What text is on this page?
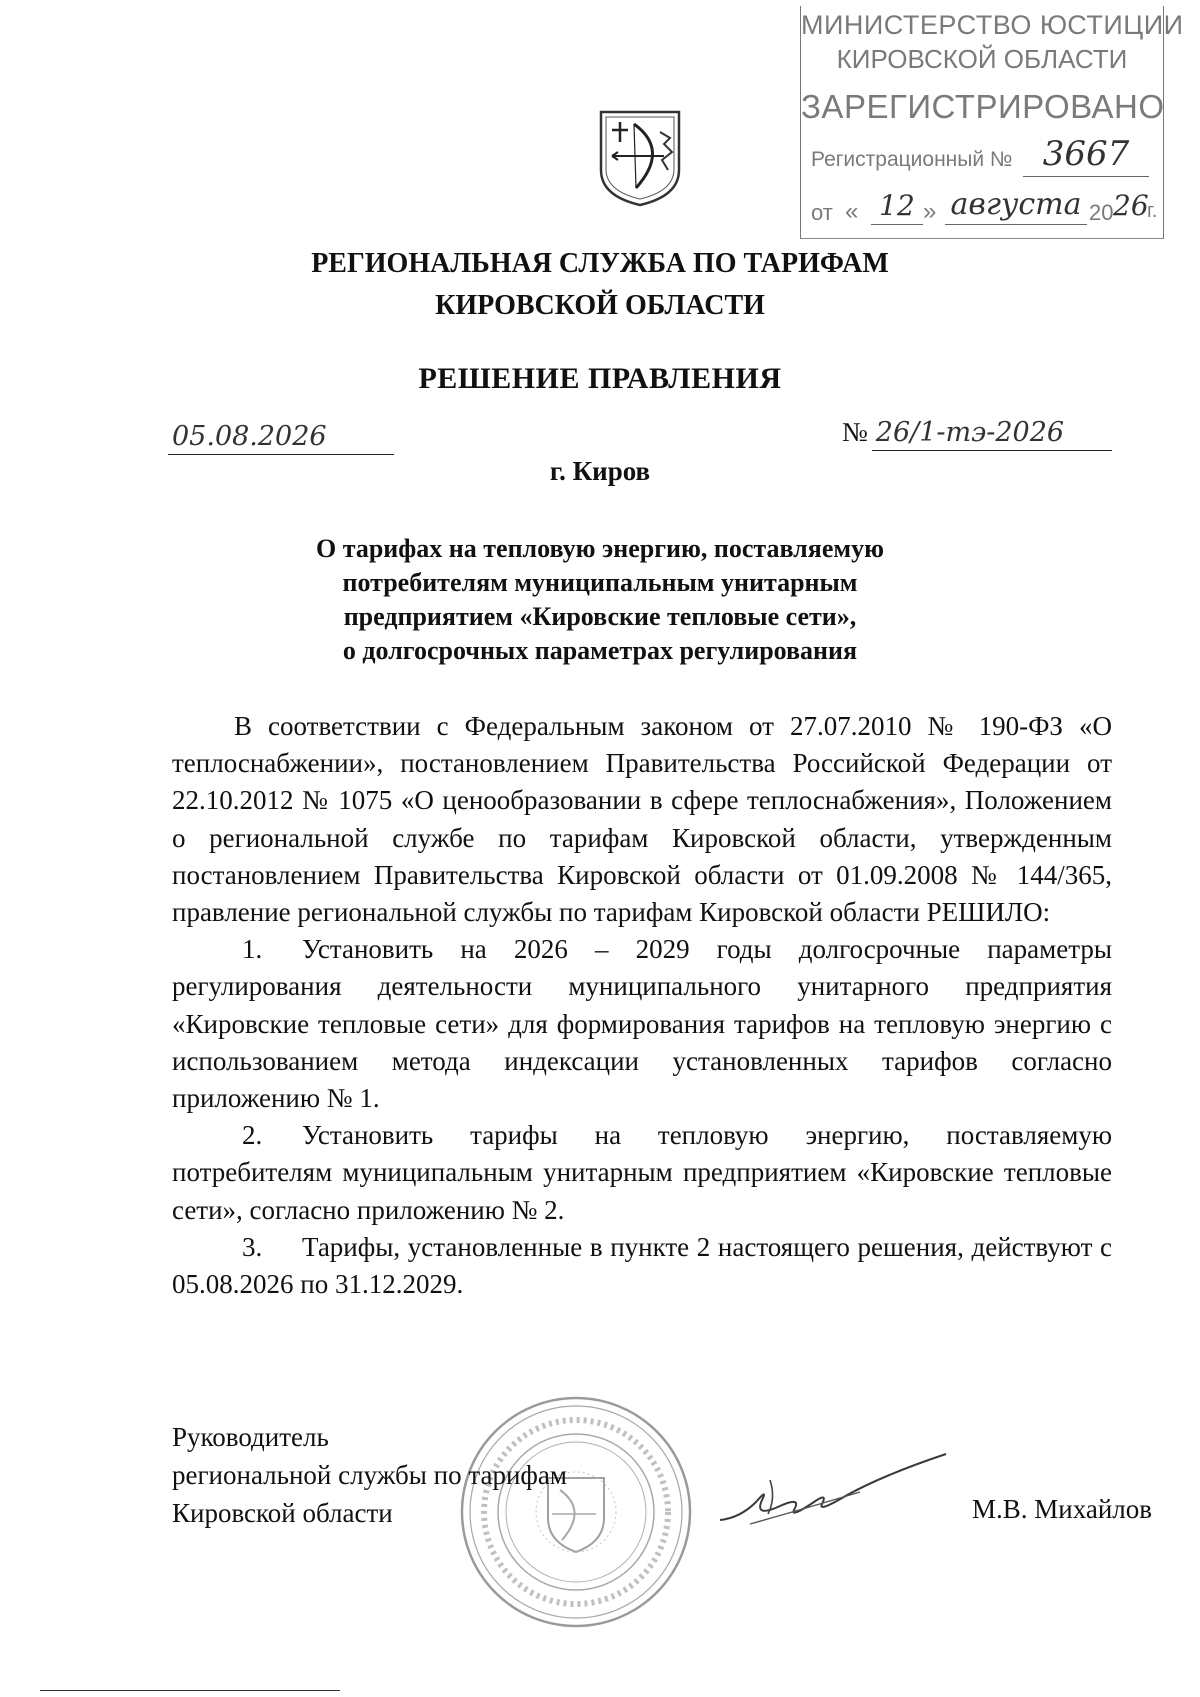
МИНИСТЕРСТВО ЮСТИЦИИ
КИРОВСКОЙ ОБЛАСТИ
ЗАРЕГИСТРИРОВАНО
Регистрационный № 3667
от « 12 » августа 20 26
г.
РЕГИОНАЛЬНАЯ СЛУЖБА ПО ТАРИФАМ
КИРОВСКОЙ ОБЛАСТИ
РЕШЕНИЕ ПРАВЛЕНИЯ
05.08.2026	№ 26/1-тэ-2026
г. Киров
О тарифах на тепловую энергию, поставляемую
потребителям муниципальным унитарным
предприятием «Кировские тепловые сети»,
о долгосрочных параметрах регулирования

В соответствии с Федеральным законом от 27.07.2010 № 190-ФЗ «О теплоснабжении», постановлением Правительства Российской Федерации от 22.10.2012 № 1075 «О ценообразовании в сфере теплоснабжения», Положением о региональной службе по тарифам Кировской области, утвержденным постановлением Правительства Кировской области от 01.09.2008 № 144/365, правление региональной службы по тарифам Кировской области РЕШИЛО:

1. Установить на 2026 – 2029 годы долгосрочные параметры регулирования деятельности муниципального унитарного предприятия «Кировские тепловые сети» для формирования тарифов на тепловую энергию с использованием метода индексации установленных тарифов согласно приложению № 1.

2. Установить тарифы на тепловую энергию, поставляемую потребителям муниципальным унитарным предприятием «Кировские тепловые сети», согласно приложению № 2.

3. Тарифы, установленные в пункте 2 настоящего решения, действуют с 05.08.2026 по 31.12.2029.

Руководитель
региональной службы по тарифам
Кировской области	М.В. Михайлов
